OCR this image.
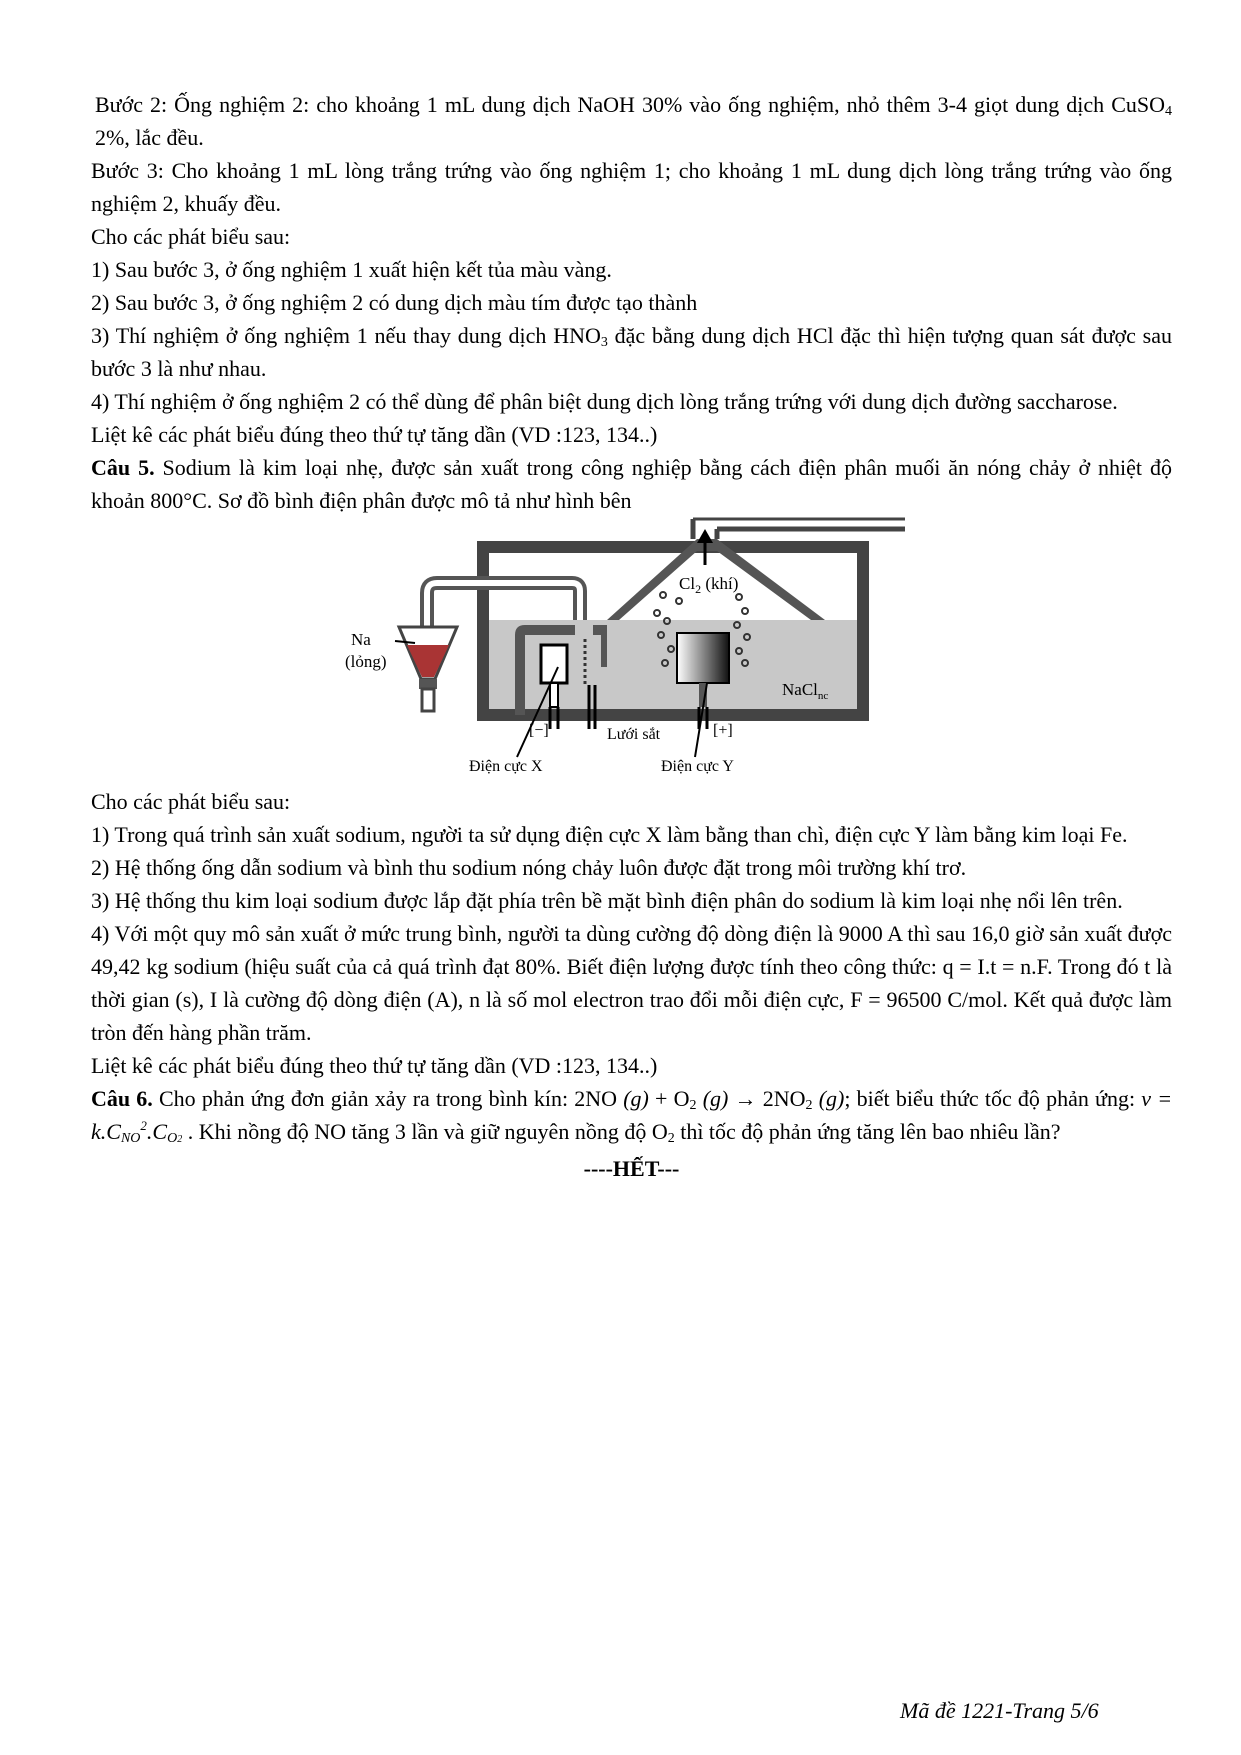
Bước 2: Ống nghiệm 2: cho khoảng 1 mL dung dịch NaOH 30% vào ống nghiệm, nhỏ thêm 3-4 giọt dung dịch CuSO$_4$ 2%, lắc đều.

Bước 3: Cho khoảng 1 mL lòng trắng trứng vào ống nghiệm 1; cho khoảng 1 mL dung dịch lòng trắng trứng vào ống nghiệm 2, khuấy đều.

Cho các phát biểu sau:

1) Sau bước 3, ở ống nghiệm 1 xuất hiện kết tủa màu vàng.

2) Sau bước 3, ở ống nghiệm 2 có dung dịch màu tím được tạo thành

3) Thí nghiệm ở ống nghiệm 1 nếu thay dung dịch $HNO_3$ đặc bằng dung dịch HCl đặc thì hiện tượng quan sát được sau bước 3 là như nhau.

4) Thí nghiệm ở ống nghiệm 2 có thể dùng để phân biệt dung dịch lòng trắng trứng với dung dịch đường saccharose.

Liệt kê các phát biểu đúng theo thứ tự tăng dần (VD :123, 134..)

Câu 5. Sodium là kim loại nhẹ, được sản xuất trong công nghiệp bằng cách điện phân muối ăn nóng chảy ở nhiệt độ khoản 800°C. Sơ đồ bình điện phân được mô tả như hình bên

$Cl_2$ (khí)
Na
(lỏng)
NaCl$_{nc}$
[−]	[+]
Lưới sắt
Điện cực X	Điện cực Y

Cho các phát biểu sau:

1) Trong quá trình sản xuất sodium, người ta sử dụng điện cực X làm bằng than chì, điện cực Y làm bằng kim loại Fe.

2) Hệ thống ống dẫn sodium và bình thu sodium nóng chảy luôn được đặt trong môi trường khí trơ.

3) Hệ thống thu kim loại sodium được lắp đặt phía trên bề mặt bình điện phân do sodium là kim loại nhẹ nổi lên trên.

4) Với một quy mô sản xuất ở mức trung bình, người ta dùng cường độ dòng điện là 9000 A thì sau 16,0 giờ sản xuất được 49,42 kg sodium (hiệu suất của cả quá trình đạt 80%. Biết điện lượng được tính theo công thức: q = I.t = n.F. Trong đó t là thời gian (s), I là cường độ dòng điện (A), n là số mol electron trao đổi mỗi điện cực, F = 96500 C/mol. Kết quả được làm tròn đến hàng phần trăm.

Liệt kê các phát biểu đúng theo thứ tự tăng dần (VD :123, 134..)

Câu 6. Cho phản ứng đơn giản xảy ra trong bình kín: 2NO $(g) + O_2$ $(g) \to 2NO_2$ (g); biết biểu thức tốc độ phản ứng: $v = k.C_{NO}^2.C_{O2}$ . Khi nồng độ NO tăng 3 lần và giữ nguyên nồng độ $O_2$ thì tốc độ phản ứng tăng lên bao nhiêu lần?

----HẾT---

Mã đề 1221-Trang 5/6
